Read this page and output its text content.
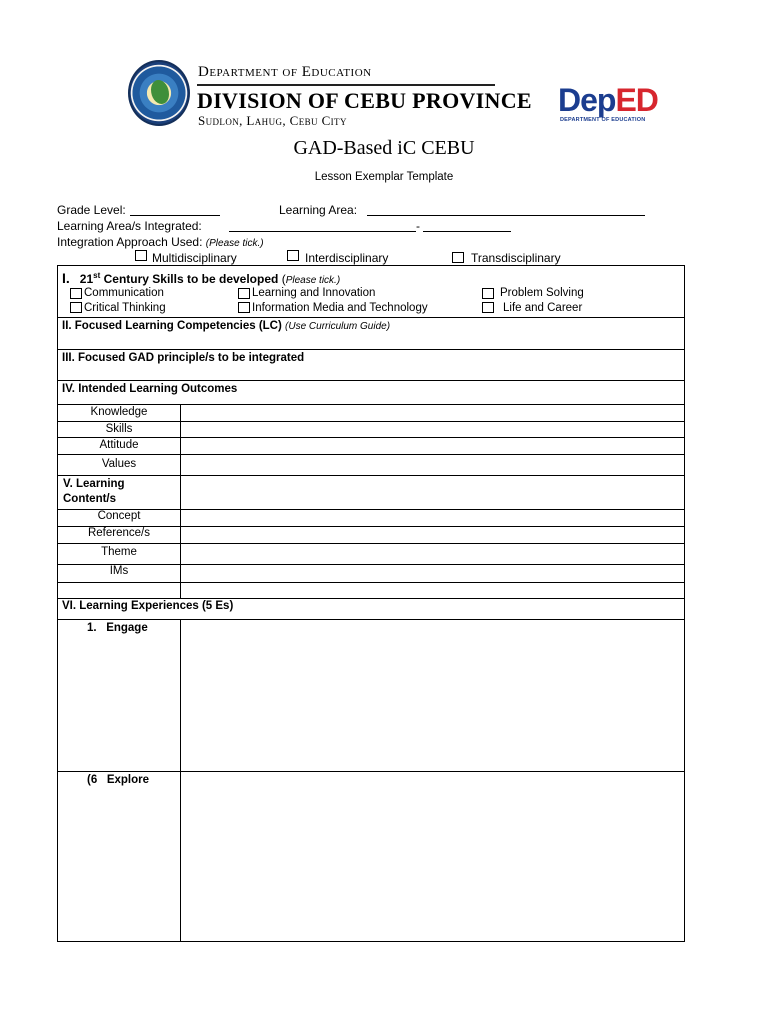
Department of Education
DIVISION OF CEBU PROVINCE
Sudlon, Lahug, Cebu City
DepED
DEPARTMENT OF EDUCATION
GAD-Based iC CEBU
Lesson Exemplar Template
Grade Level:	Learning Area:
Learning Area/s Integrated:	-
Integration Approach Used: (Please tick.)
Multidisciplinary	Interdisciplinary	Transdisciplinary
I. 21st Century Skills to be developed (Please tick.)
Communication	Learning and Innovation	Problem Solving
Critical Thinking	Information Media and Technology	Life and Career
II. Focused Learning Competencies (LC) (Use Curriculum Guide)
III. Focused GAD principle/s to be integrated
IV. Intended Learning Outcomes
Knowledge
Skills
Attitude
Values
V. Learning
Content/s
Concept
Reference/s
Theme
IMs
VI. Learning Experiences (5 Es)
1. Engage
(6 Explore
